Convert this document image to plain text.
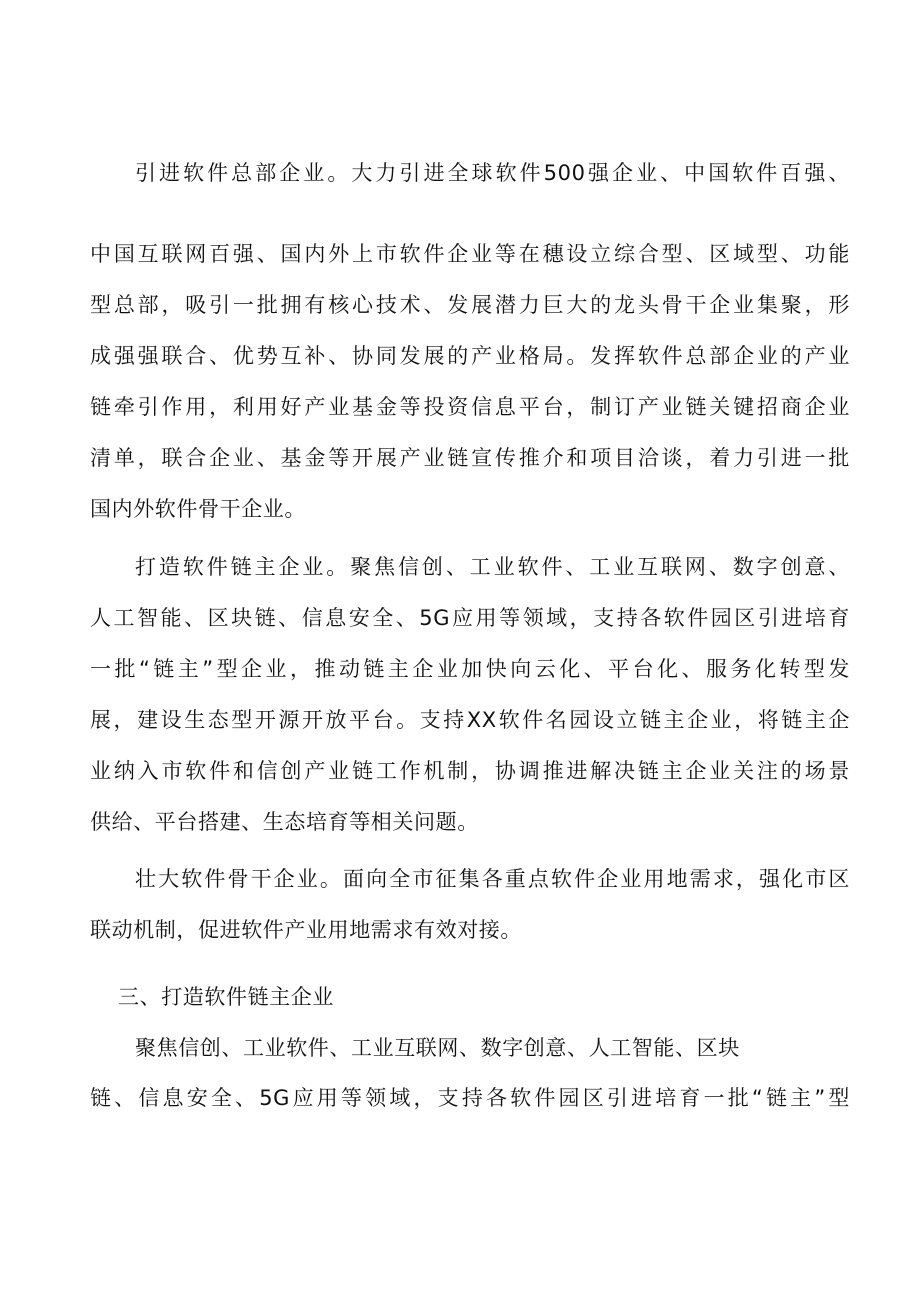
引进软件总部企业。大力引进全球软件500强企业、中国软件百强、
中国互联网百强、国内外上市软件企业等在穗设立综合型、区域型、功能
型总部，吸引一批拥有核心技术、发展潜力巨大的龙头骨干企业集聚，形
成强强联合、优势互补、协同发展的产业格局。发挥软件总部企业的产业
链牵引作用，利用好产业基金等投资信息平台，制订产业链关键招商企业
清单，联合企业、基金等开展产业链宣传推介和项目洽谈，着力引进一批
国内外软件骨干企业。
打造软件链主企业。聚焦信创、工业软件、工业互联网、数字创意、
人工智能、区块链、信息安全、5G应用等领域，支持各软件园区引进培育
一批“链主”型企业，推动链主企业加快向云化、平台化、服务化转型发
展，建设生态型开源开放平台。支持XX软件名园设立链主企业，将链主企
业纳入市软件和信创产业链工作机制，协调推进解决链主企业关注的场景
供给、平台搭建、生态培育等相关问题。
壮大软件骨干企业。面向全市征集各重点软件企业用地需求，强化市区
联动机制，促进软件产业用地需求有效对接。
三、打造软件链主企业
聚焦信创、工业软件、工业互联网、数字创意、人工智能、区块
链、信息安全、5G应用等领域，支持各软件园区引进培育一批“链主”型
